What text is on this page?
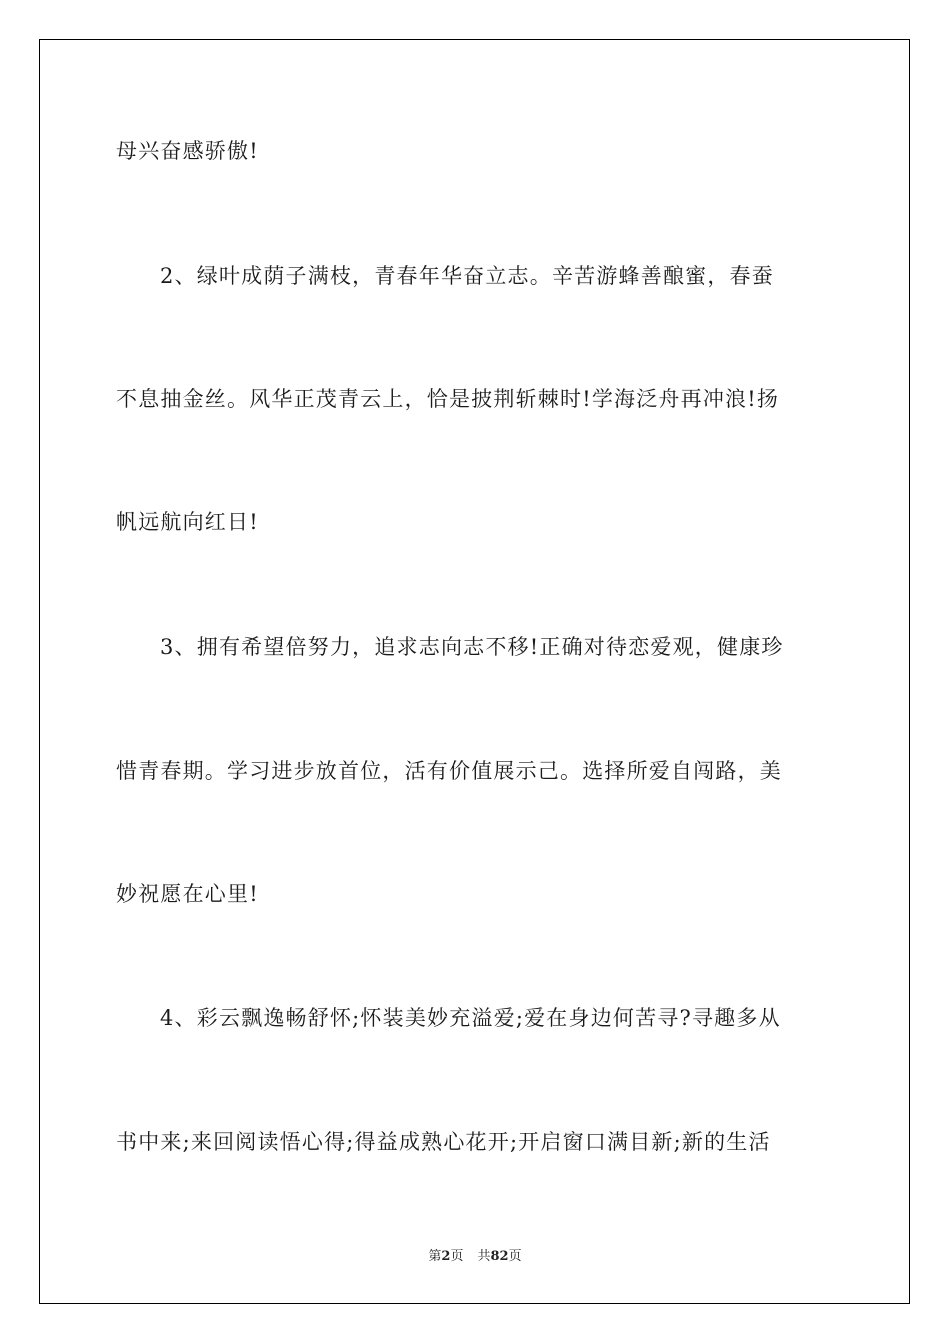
母兴奋感骄傲!
2、绿叶成荫子满枝，青春年华奋立志。辛苦游蜂善酿蜜，春蚕
不息抽金丝。风华正茂青云上，恰是披荆斩棘时!学海泛舟再冲浪!扬
帆远航向红日!
3、拥有希望倍努力，追求志向志不移!正确对待恋爱观，健康珍
惜青春期。学习进步放首位，活有价值展示己。选择所爱自闯路，美
妙祝愿在心里!
4、彩云飘逸畅舒怀;怀装美妙充溢爱;爱在身边何苦寻?寻趣多从
书中来;来回阅读悟心得;得益成熟心花开;开启窗口满目新;新的生活
第2页 共82页
